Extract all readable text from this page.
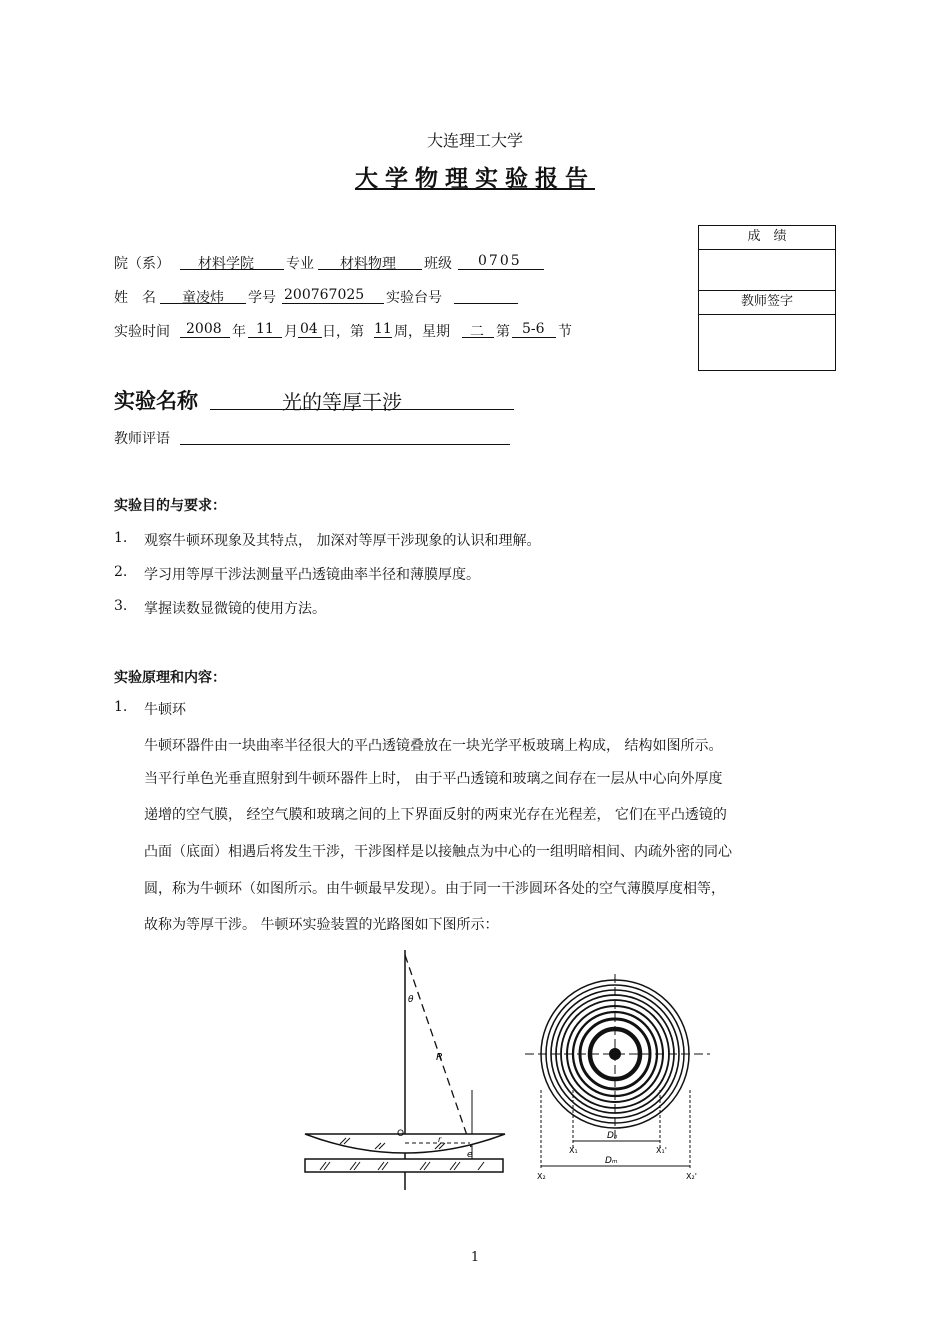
大连理工大学
大学物理实验报告
成　绩
教师签字
院（系） 材料学院 专业 材料物理 班级 0705
姓　名 童凌炜 学号 200767025 实验台号
实验时间 2008 年 11 月 04 日，第 11 周，星期 二 第 5-6 节
实验名称	光的等厚干涉
教师评语
实验目的与要求：
1. 观察牛顿环现象及其特点， 加深对等厚干涉现象的认识和理解。
2. 学习用等厚干涉法测量平凸透镜曲率半径和薄膜厚度。
3. 掌握读数显微镜的使用方法。
实验原理和内容：
1. 牛顿环
牛顿环器件由一块曲率半径很大的平凸透镜叠放在一块光学平板玻璃上构成， 结构如图所示。
当平行单色光垂直照射到牛顿环器件上时， 由于平凸透镜和玻璃之间存在一层从中心向外厚度
递增的空气膜， 经空气膜和玻璃之间的上下界面反射的两束光存在光程差， 它们在平凸透镜的
凸面（底面）相遇后将发生干涉，干涉图样是以接触点为中心的一组明暗相间、内疏外密的同心
圆，称为牛顿环（如图所示。由牛顿最早发现）。由于同一干涉圆环各处的空气薄膜厚度相等，
故称为等厚干涉。 牛顿环实验装置的光路图如下图所示：
θ
R
O
r
e
Dₙ
Dₘ
X₁	X₁'
X₂	X₂'
1
